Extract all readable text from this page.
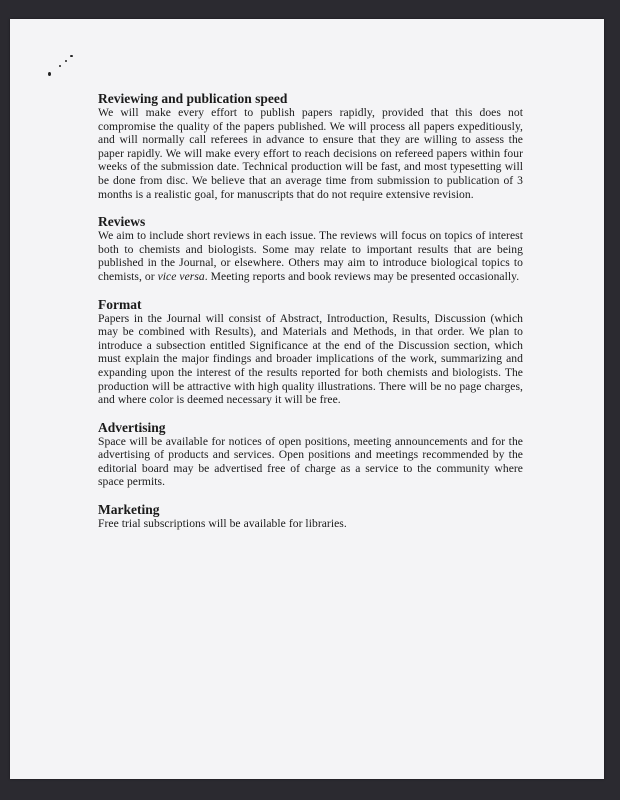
Reviewing and publication speed

We will make every effort to publish papers rapidly, provided that this does not compromise the quality of the papers published. We will process all papers expeditiously, and will normally call referees in advance to ensure that they are willing to assess the paper rapidly. We will make every effort to reach decisions on refereed papers within four weeks of the submission date. Technical production will be fast, and most typesetting will be done from disc. We believe that an average time from submission to publication of 3 months is a realistic goal, for manuscripts that do not require extensive revision.

Reviews

We aim to include short reviews in each issue. The reviews will focus on topics of interest both to chemists and biologists. Some may relate to important results that are being published in the Journal, or elsewhere. Others may aim to introduce biological topics to chemists, or vice versa. Meeting reports and book reviews may be presented occasionally.

Format

Papers in the Journal will consist of Abstract, Introduction, Results, Discussion (which may be combined with Results), and Materials and Methods, in that order. We plan to introduce a subsection entitled Significance at the end of the Discussion section, which must explain the major findings and broader implications of the work, summarizing and expanding upon the interest of the results reported for both chemists and biologists. The production will be attractive with high quality illustrations. There will be no page charges, and where color is deemed necessary it will be free.

Advertising

Space will be available for notices of open positions, meeting announcements and for the advertising of products and services. Open positions and meetings recommended by the editorial board may be advertised free of charge as a service to the community where space permits.

Marketing

Free trial subscriptions will be available for libraries.
